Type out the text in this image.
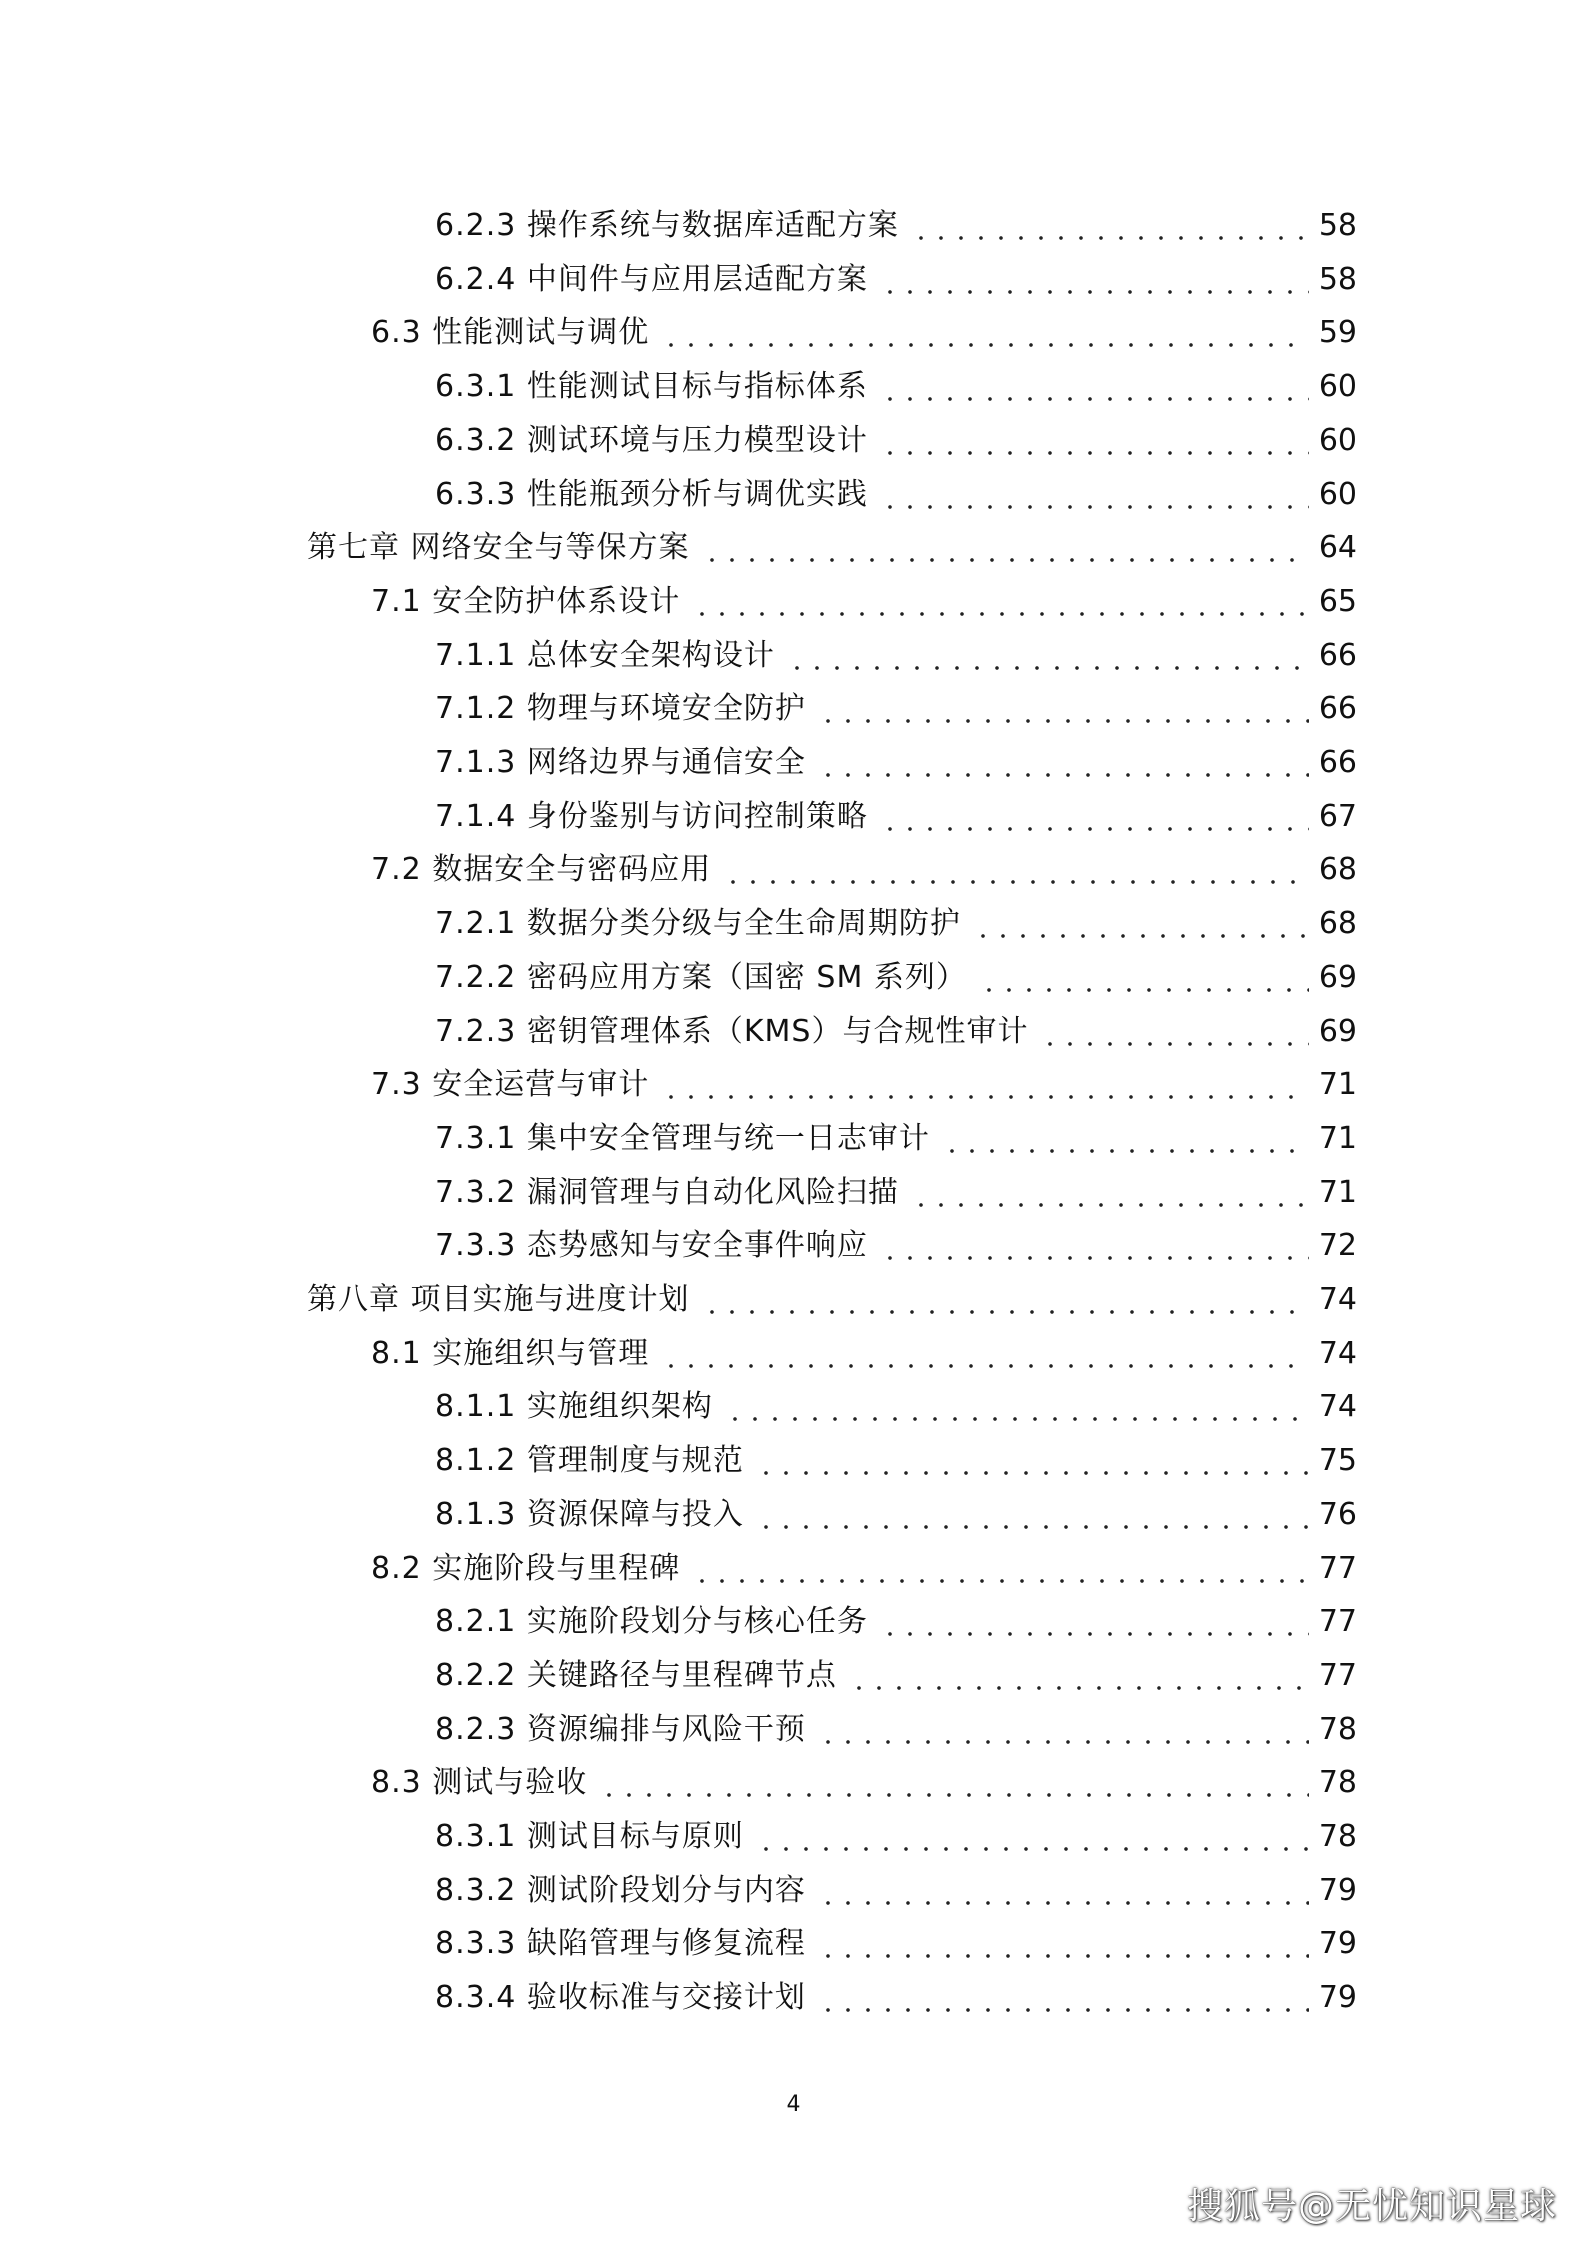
6.2.3 操作系统与数据库适配方案	58
6.2.4 中间件与应用层适配方案	58
6.3 性能测试与调优	59
6.3.1 性能测试目标与指标体系	60
6.3.2 测试环境与压力模型设计	60
6.3.3 性能瓶颈分析与调优实践	60
第七章 网络安全与等保方案	64
7.1 安全防护体系设计	65
7.1.1 总体安全架构设计	66
7.1.2 物理与环境安全防护	66
7.1.3 网络边界与通信安全	66
7.1.4 身份鉴别与访问控制策略	67
7.2 数据安全与密码应用	68
7.2.1 数据分类分级与全生命周期防护	68
7.2.2 密码应用方案（国密 SM 系列）	69
7.2.3 密钥管理体系（KMS）与合规性审计	69
7.3 安全运营与审计	71
7.3.1 集中安全管理与统一日志审计	71
7.3.2 漏洞管理与自动化风险扫描	71
7.3.3 态势感知与安全事件响应	72
第八章 项目实施与进度计划	74
8.1 实施组织与管理	74
8.1.1 实施组织架构	74
8.1.2 管理制度与规范	75
8.1.3 资源保障与投入	76
8.2 实施阶段与里程碑	77
8.2.1 实施阶段划分与核心任务	77
8.2.2 关键路径与里程碑节点	77
8.2.3 资源编排与风险干预	78
8.3 测试与验收	78
8.3.1 测试目标与原则	78
8.3.2 测试阶段划分与内容	79
8.3.3 缺陷管理与修复流程	79
8.3.4 验收标准与交接计划	79
4
搜狐号@无忧知识星球
